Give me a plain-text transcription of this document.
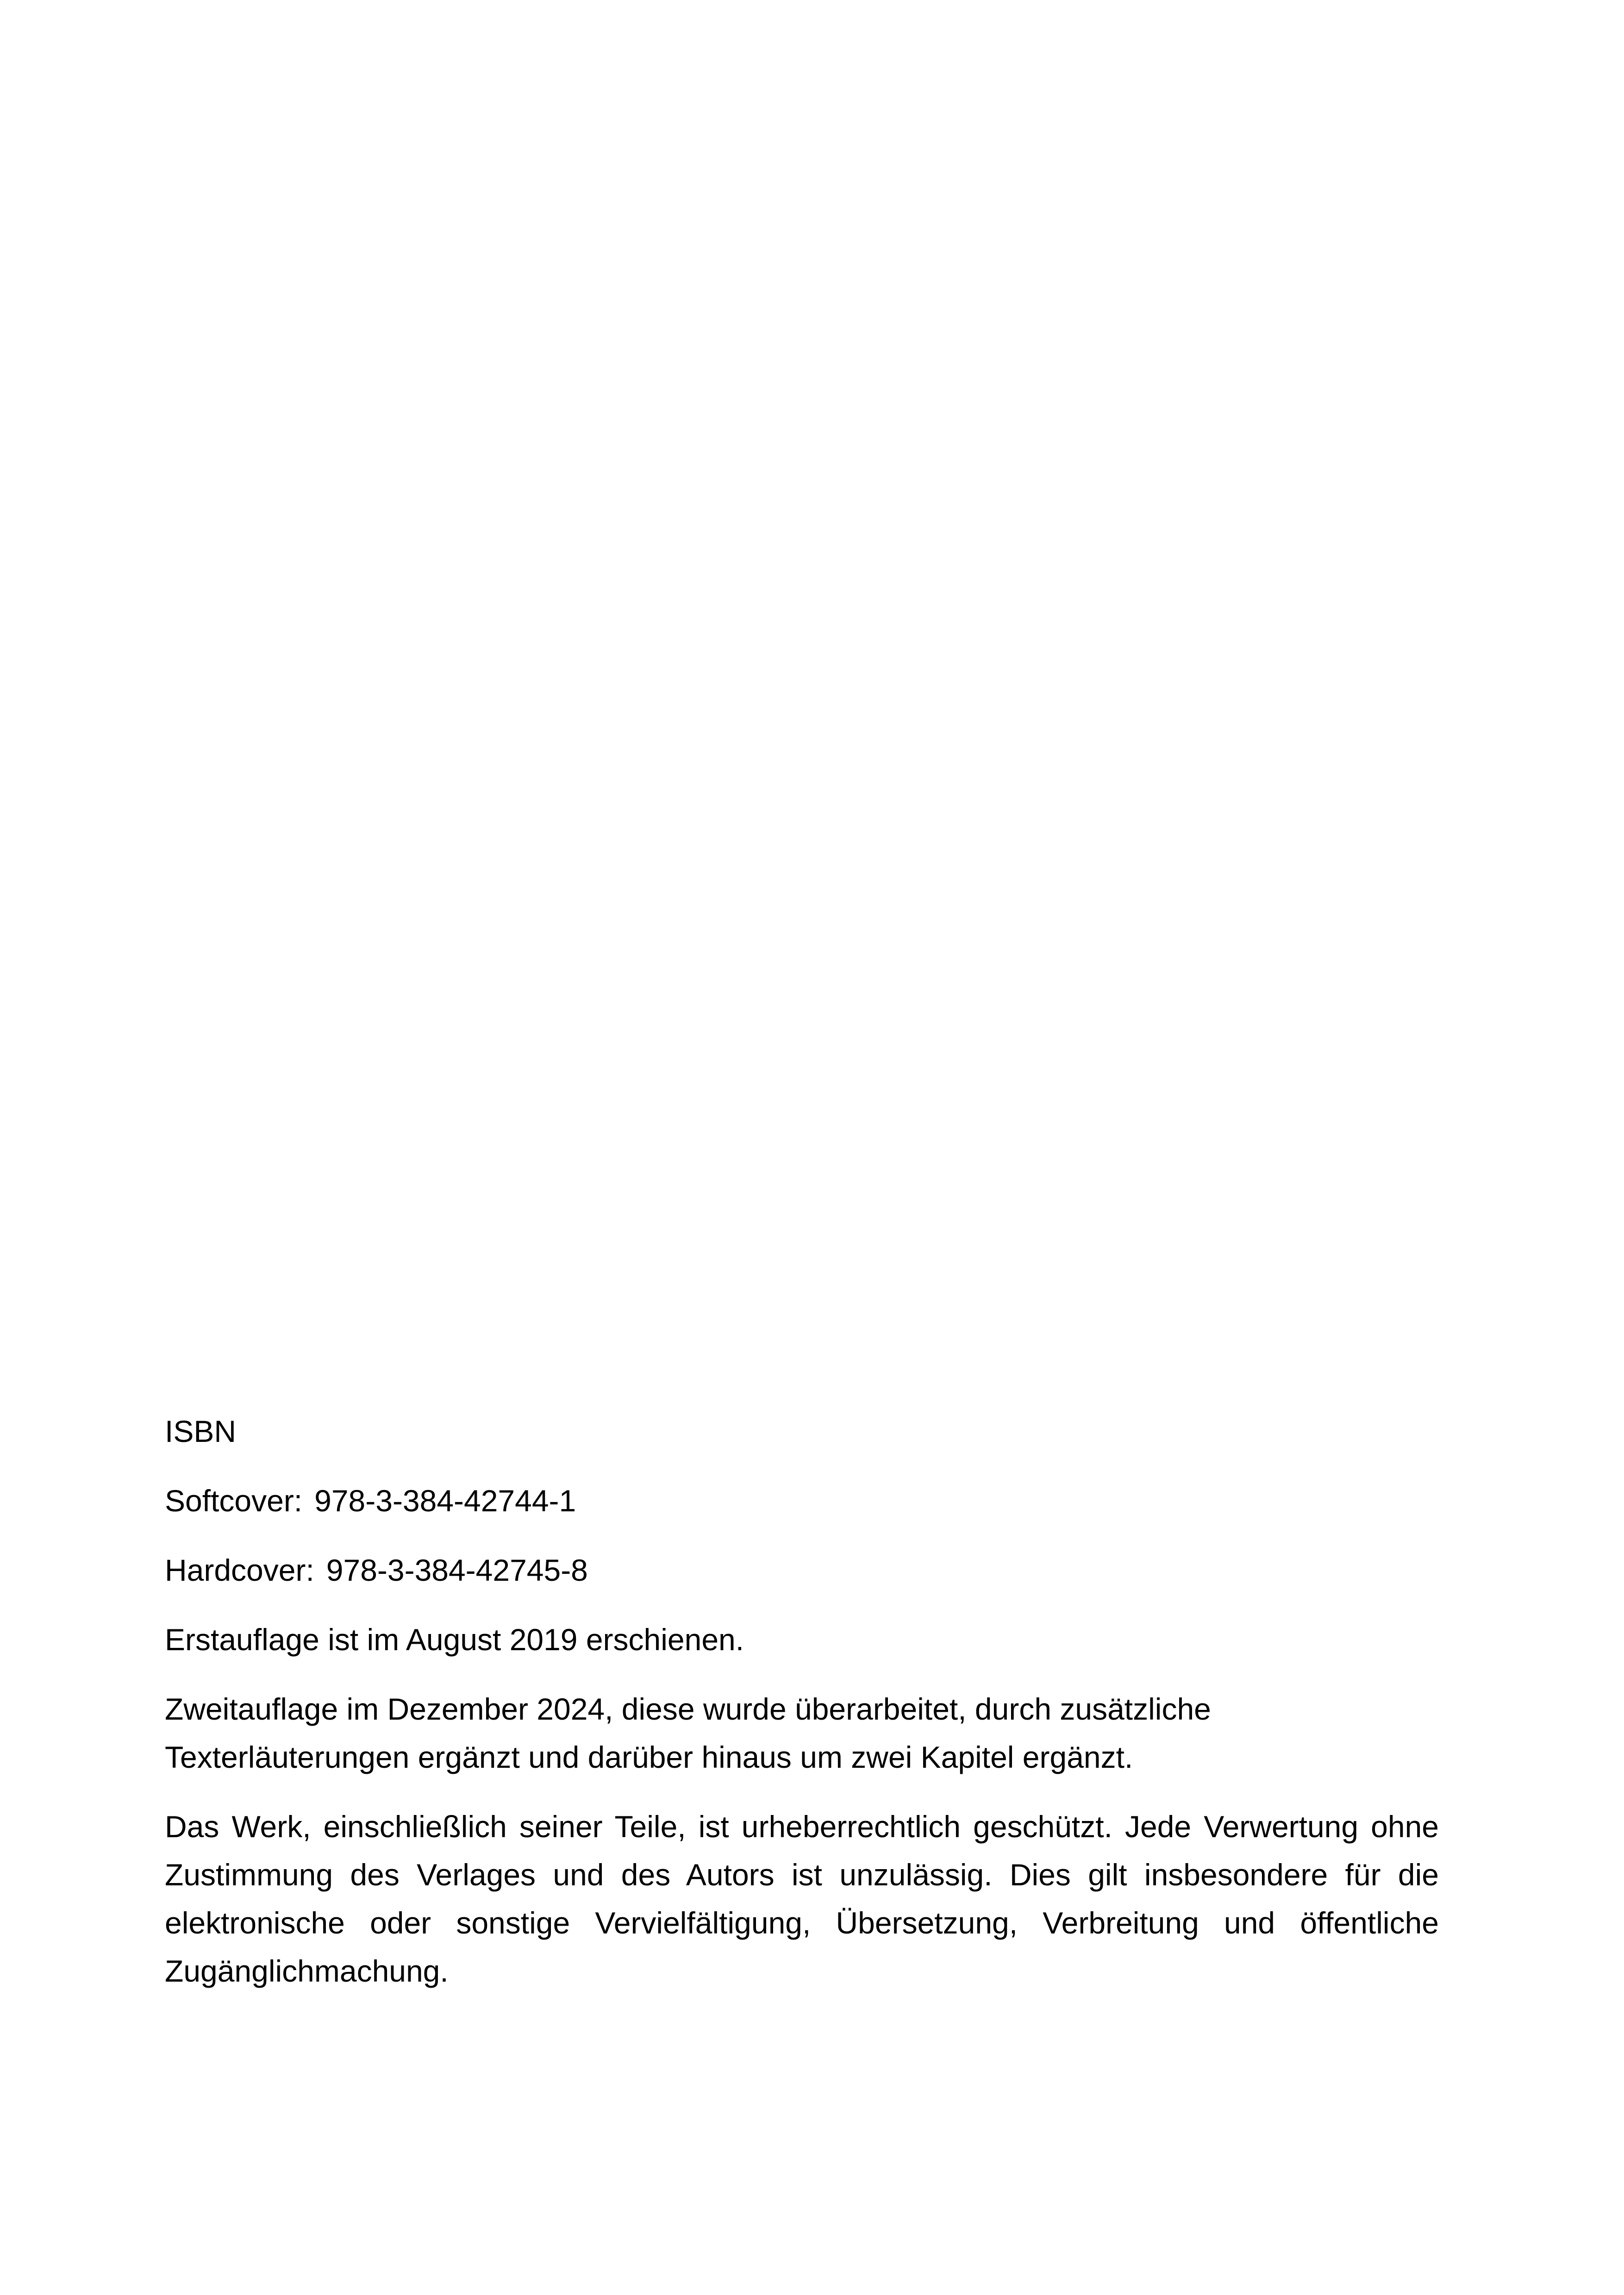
ISBN

Softcover: 978-3-384-42744-1

Hardcover: 978-3-384-42745-8

Erstauflage ist im August 2019 erschienen.

Zweitauflage im Dezember 2024, diese wurde überarbeitet, durch zusätzliche Texterläuterungen ergänzt und darüber hinaus um zwei Kapitel ergänzt.

Das Werk, einschließlich seiner Teile, ist urheberrechtlich geschützt. Jede Verwertung ohne Zustimmung des Verlages und des Autors ist unzulässig. Dies gilt insbesondere für die elektronische oder sonstige Vervielfältigung, Übersetzung, Verbreitung und öffentliche Zugänglichmachung.
